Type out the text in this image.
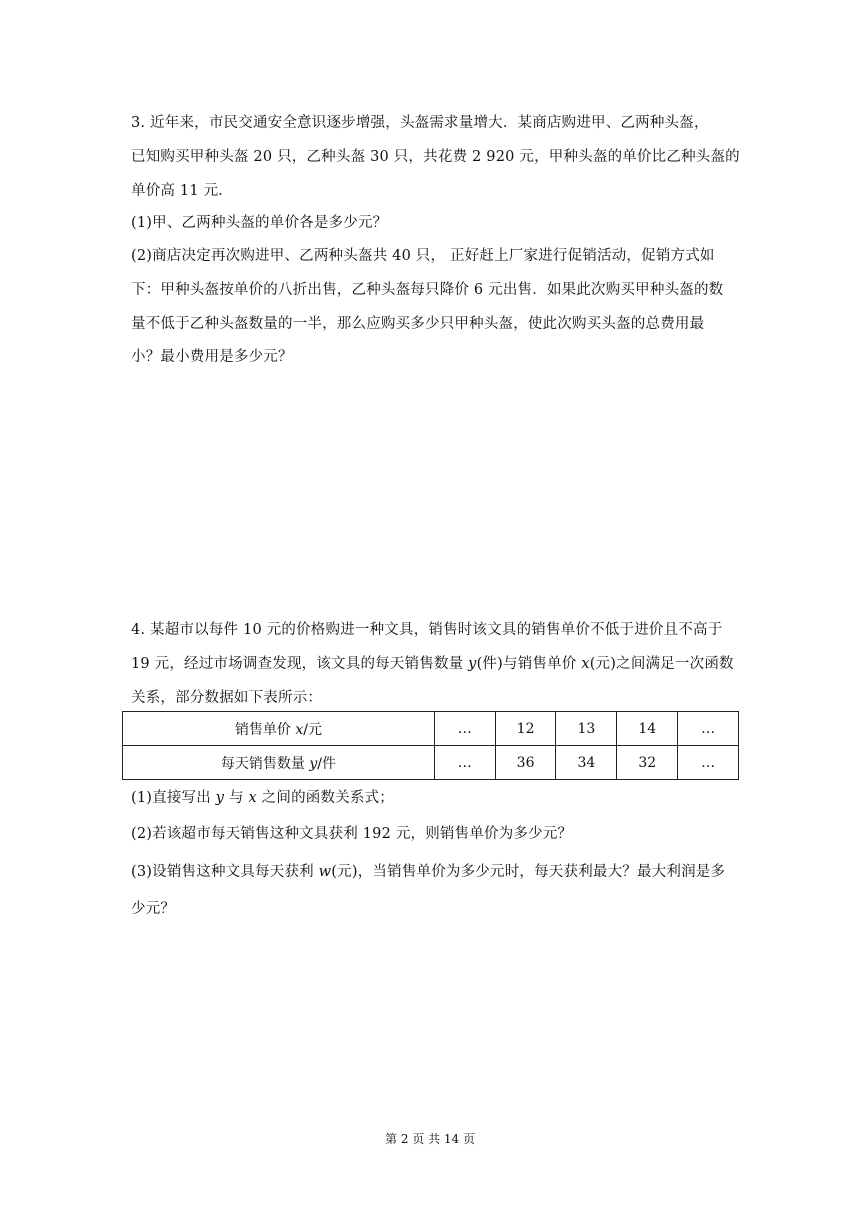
3. 近年来，市民交通安全意识逐步增强，头盔需求量增大．某商店购进甲、乙两种头盔，
已知购买甲种头盔 20 只，乙种头盔 30 只，共花费 2 920 元，甲种头盔的单价比乙种头盔的
单价高 11 元．
(1)甲、乙两种头盔的单价各是多少元？
(2)商店决定再次购进甲、乙两种头盔共 40 只， 正好赶上厂家进行促销活动，促销方式如
下：甲种头盔按单价的八折出售，乙种头盔每只降价 6 元出售．如果此次购买甲种头盔的数
量不低于乙种头盔数量的一半，那么应购买多少只甲种头盔，使此次购买头盔的总费用最
小？最小费用是多少元？
4. 某超市以每件 10 元的价格购进一种文具，销售时该文具的销售单价不低于进价且不高于
19 元，经过市场调查发现，该文具的每天销售数量 y(件)与销售单价 x(元)之间满足一次函数
关系，部分数据如下表所示：
销售单价 x/元	…	12	13	14	…
每天销售数量 y/件	…	36	34	32	…
(1)直接写出 y 与 x 之间的函数关系式；
(2)若该超市每天销售这种文具获利 192 元，则销售单价为多少元？
(3)设销售这种文具每天获利 w(元)，当销售单价为多少元时，每天获利最大？最大利润是多
少元？
第 2 页 共 14 页
